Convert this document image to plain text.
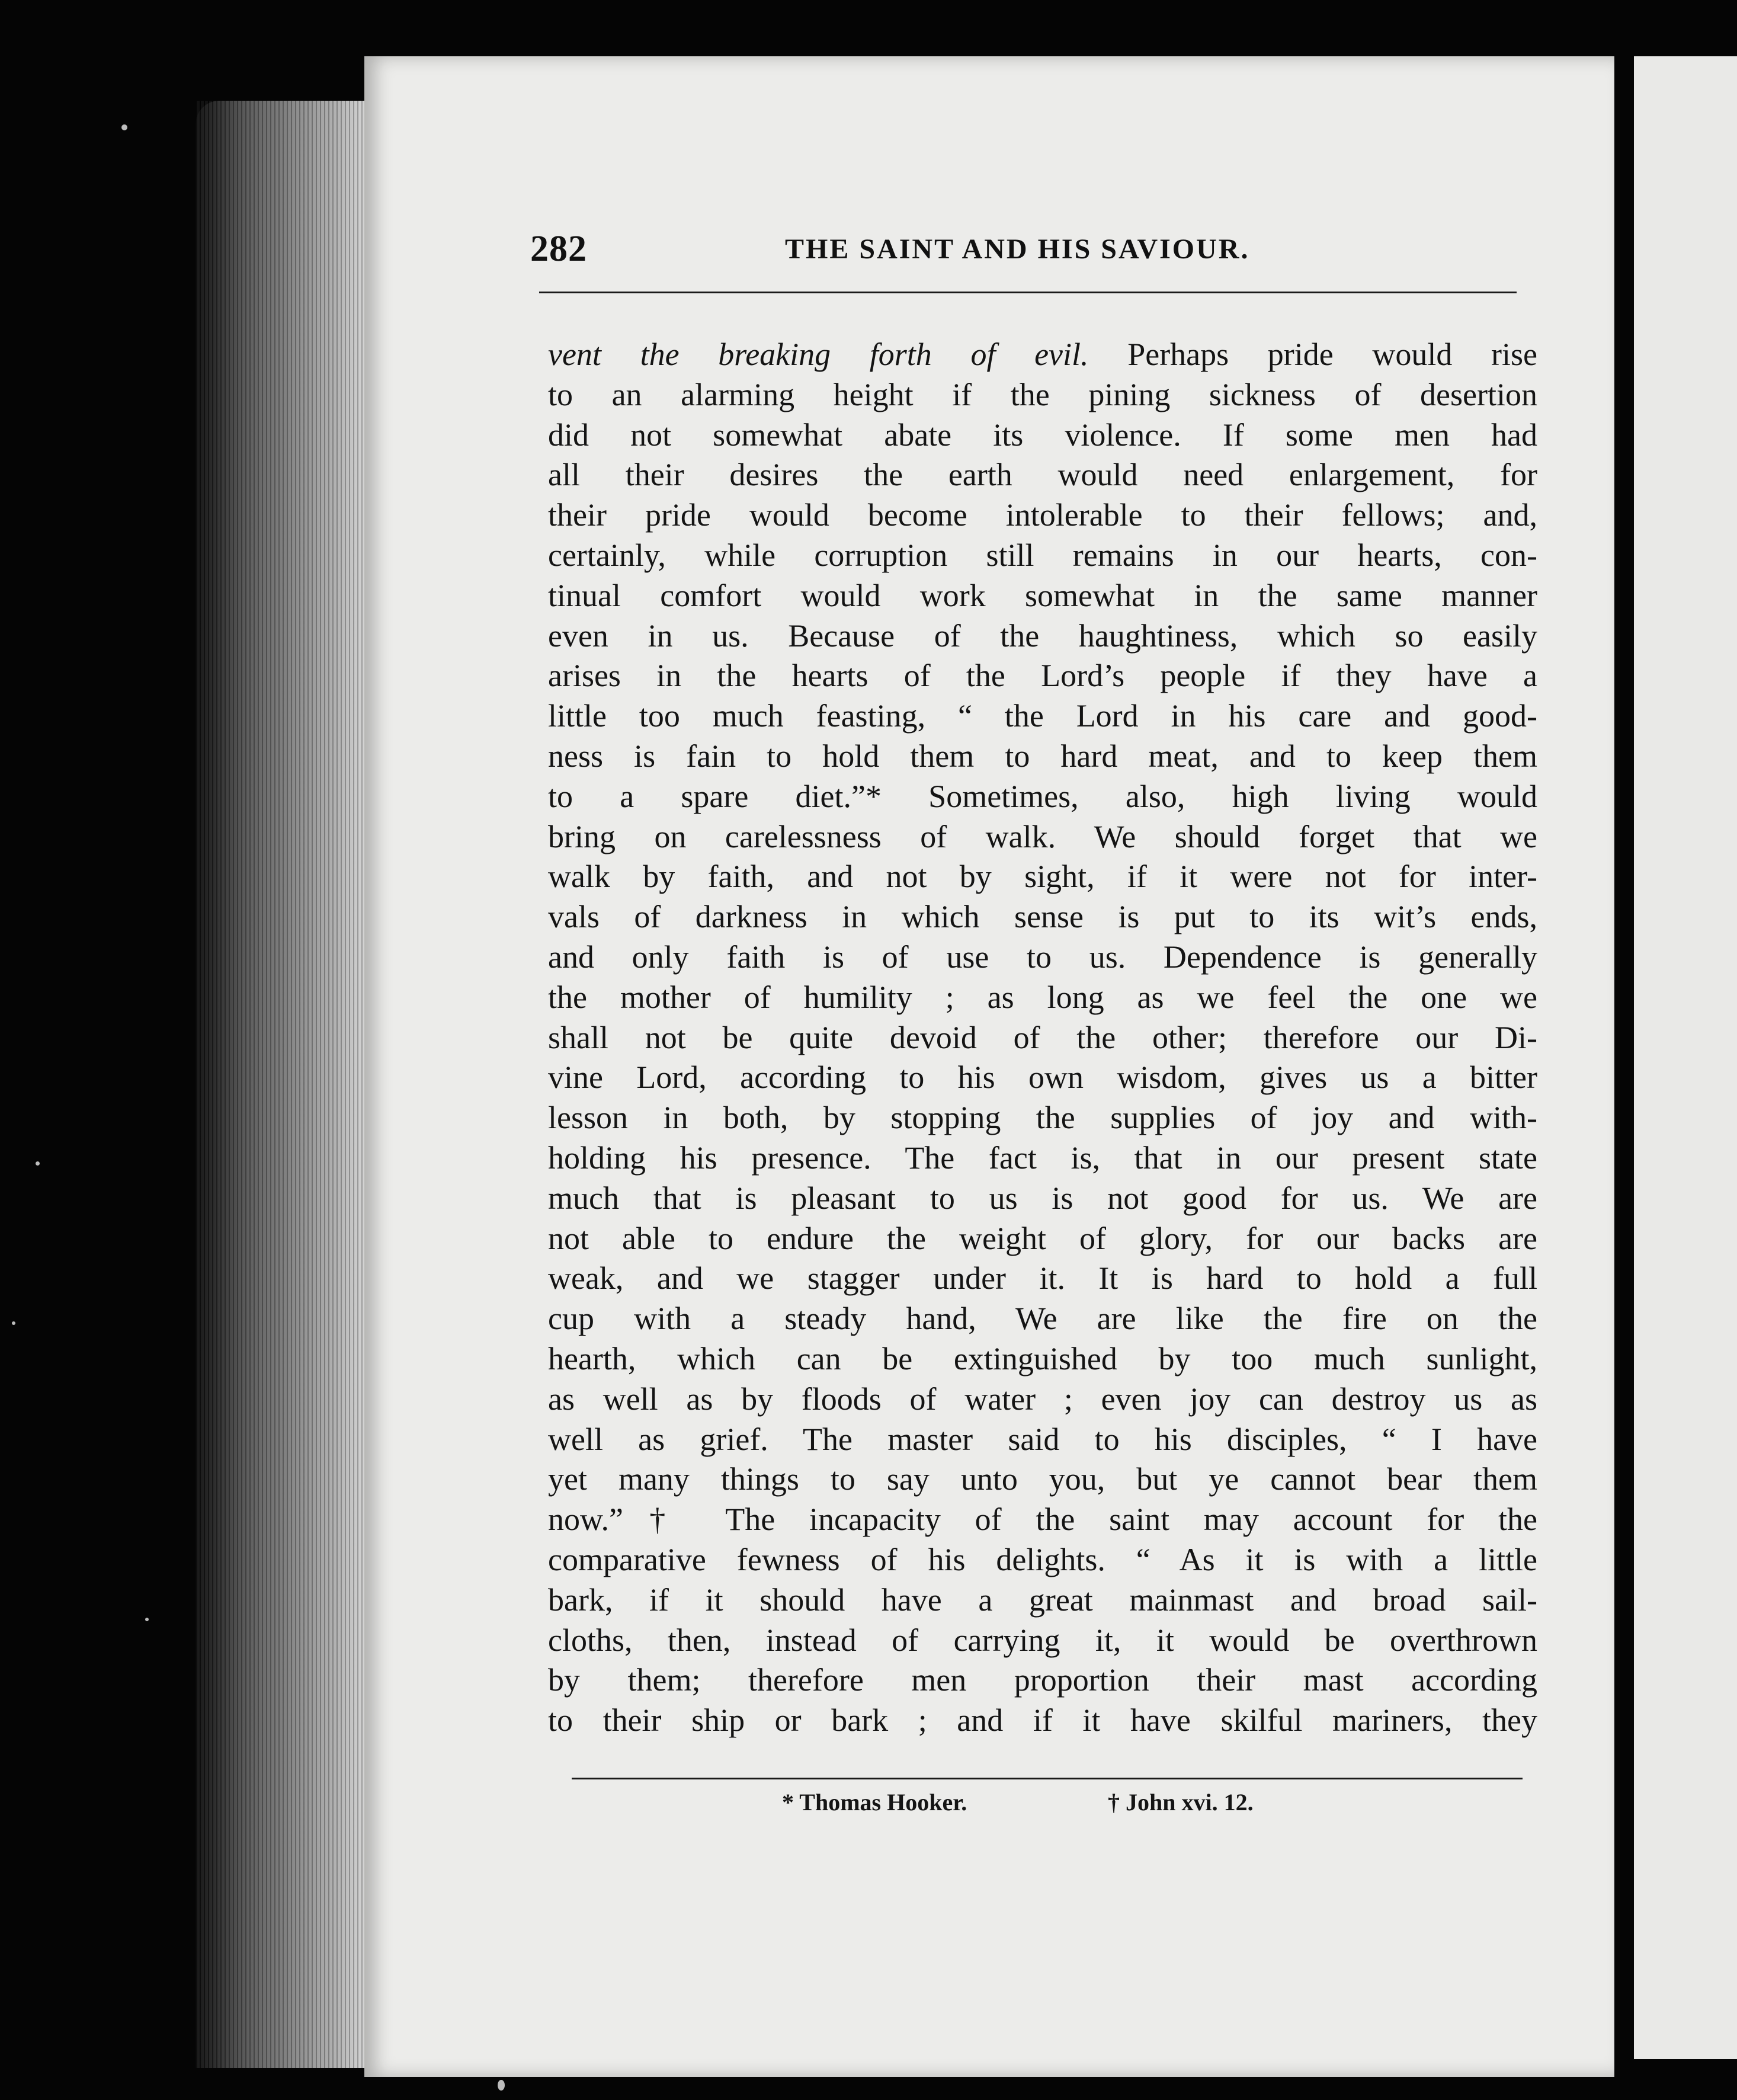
282	THE SAINT AND HIS SAVIOUR.
vent the breaking forth of evil. Perhaps pride would rise
to an alarming height if the pining sickness of desertion
did not somewhat abate its violence. If some men had
all their desires the earth would need enlargement, for
their pride would become intolerable to their fellows; and,
certainly, while corruption still remains in our hearts, con-
tinual comfort would work somewhat in the same manner
even in us. Because of the haughtiness, which so easily
arises in the hearts of the Lord’s people if they have a
little too much feasting, “ the Lord in his care and good-
ness is fain to hold them to hard meat, and to keep them
to a spare diet.”* Sometimes, also, high living would
bring on carelessness of walk. We should forget that we
walk by faith, and not by sight, if it were not for inter-
vals of darkness in which sense is put to its wit’s ends,
and only faith is of use to us. Dependence is generally
the mother of humility ; as long as we feel the one we
shall not be quite devoid of the other; therefore our Di-
vine Lord, according to his own wisdom, gives us a bitter
lesson in both, by stopping the supplies of joy and with-
holding his presence. The fact is, that in our present state
much that is pleasant to us is not good for us. We are
not able to endure the weight of glory, for our backs are
weak, and we stagger under it. It is hard to hold a full
cup with a steady hand, We are like the fire on the
hearth, which can be extinguished by too much sunlight,
as well as by floods of water ; even joy can destroy us as
well as grief. The master said to his disciples, “ I have
yet many things to say unto you, but ye cannot bear them
now.”† The incapacity of the saint may account for the
comparative fewness of his delights. “ As it is with a little
bark, if it should have a great mainmast and broad sail-
cloths, then, instead of carrying it, it would be overthrown
by them; therefore men proportion their mast according
to their ship or bark ; and if it have skilful mariners, they
* Thomas Hooker.	† John xvi. 12.
